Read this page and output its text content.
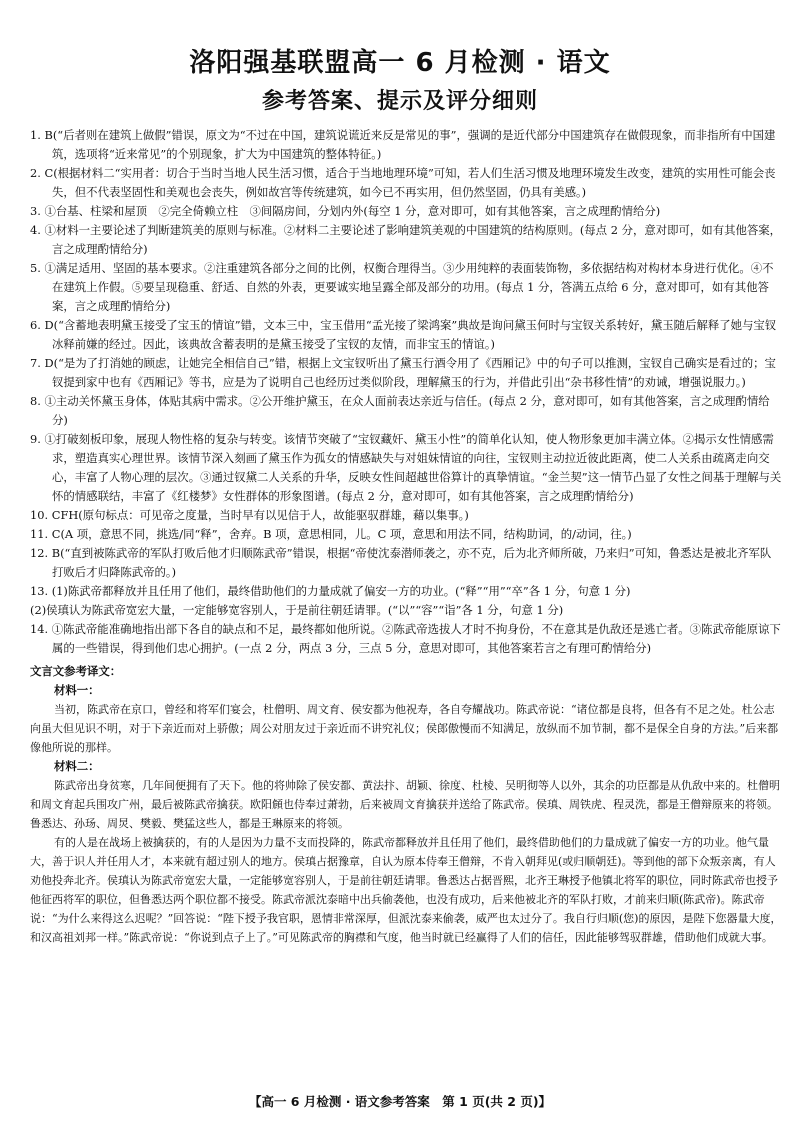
洛阳强基联盟高一 6 月检测 · 语文
参考答案、提示及评分细则

1. B(“后者则在建筑上做假”错误，原文为“不过在中国，建筑说谎近来反是常见的事”，强调的是近代部分中国建筑存在做假现象，而非指所有中国建筑，选项将“近来常见”的个别现象，扩大为中国建筑的整体特征。)

2. C(根据材料二“实用者：切合于当时当地人民生活习惯，适合于当地地理环境”可知，若人们生活习惯及地理环境发生改变，建筑的实用性可能会丧失，但不代表坚固性和美观也会丧失，例如故宫等传统建筑，如今已不再实用，但仍然坚固，仍具有美感。)

3. ①台基、柱梁和屋顶　②完全倚赖立柱　③间隔房间，分划内外(每空 1 分，意对即可，如有其他答案，言之成理酌情给分)

4. ①材料一主要论述了判断建筑美的原则与标准。②材料二主要论述了影响建筑美观的中国建筑的结构原则。(每点 2 分，意对即可，如有其他答案，言之成理酌情给分)

5. ①满足适用、坚固的基本要求。②注重建筑各部分之间的比例，权衡合理得当。③少用纯粹的表面装饰物，多依据结构对构材本身进行优化。④不在建筑上作假。⑤要呈现稳重、舒适、自然的外表，更要诚实地呈露全部及部分的功用。(每点 1 分，答满五点给 6 分，意对即可，如有其他答案，言之成理酌情给分)

6. D(“含蓄地表明黛玉接受了宝玉的情谊”错，文本三中，宝玉借用“孟光接了梁鸿案”典故是询问黛玉何时与宝钗关系转好，黛玉随后解释了她与宝钗冰释前嫌的经过。因此，该典故含蓄表明的是黛玉接受了宝钗的友情，而非宝玉的情谊。)

7. D(“是为了打消她的顾虑，让她完全相信自己”错，根据上文宝钗听出了黛玉行酒令用了《西厢记》中的句子可以推测，宝钗自己确实是看过的；宝钗提到家中也有《西厢记》等书，应是为了说明自己也经历过类似阶段，理解黛玉的行为，并借此引出“杂书移性情”的劝诫，增强说服力。)

8. ①主动关怀黛玉身体，体贴其病中需求。②公开维护黛玉，在众人面前表达亲近与信任。(每点 2 分，意对即可，如有其他答案，言之成理酌情给分)

9. ①打破刻板印象，展现人物性格的复杂与转变。该情节突破了“宝钗藏奸、黛玉小性”的简单化认知，使人物形象更加丰满立体。②揭示女性情感需求，塑造真实心理世界。该情节深入刻画了黛玉作为孤女的情感缺失与对姐妹情谊的向往，宝钗则主动拉近彼此距离，使二人关系由疏离走向交心，丰富了人物心理的层次。③通过钗黛二人关系的升华，反映女性间超越世俗算计的真挚情谊。“金兰契”这一情节凸显了女性之间基于理解与关怀的情感联结，丰富了《红楼梦》女性群体的形象图谱。(每点 2 分，意对即可，如有其他答案，言之成理酌情给分)

10. CFH(原句标点：可见帝之度量，当时早有以见信于人，故能驱驭群雄，藉以集事。)

11. C(A 项，意思不同，挑选/同“释”，舍弃。B 项，意思相同，儿。C 项，意思和用法不同，结构助词，的/动词，往。)

12. B(“直到被陈武帝的军队打败后他才归顺陈武帝”错误，根据“帝使沈泰潜师袭之，亦不克，后为北齐师所破，乃来归”可知，鲁悉达是被北齐军队打败后才归降陈武帝的。)

13. (1)陈武帝都释放并且任用了他们，最终借助他们的力量成就了偏安一方的功业。(“释”“用”“卒”各 1 分，句意 1 分)

(2)侯瑱认为陈武帝宽宏大量，一定能够宽容别人，于是前往朝廷请罪。(“以”“容”“诣”各 1 分，句意 1 分)

14. ①陈武帝能准确地指出部下各自的缺点和不足，最终都如他所说。②陈武帝选拔人才时不拘身份，不在意其是仇敌还是逃亡者。③陈武帝能原谅下属的一些错误，得到他们忠心拥护。(一点 2 分，两点 3 分，三点 5 分，意思对即可，其他答案若言之有理可酌情给分)

文言文参考译文：
材料一：

当初，陈武帝在京口，曾经和将军们宴会，杜僧明、周文育、侯安都为他祝寿，各自夸耀战功。陈武帝说：“诸位都是良将，但各有不足之处。杜公志向虽大但见识不明，对于下亲近而对上骄傲；周公对朋友过于亲近而不讲究礼仪；侯郎傲慢而不知满足，放纵而不加节制，都不是保全自身的方法。”后来都像他所说的那样。

材料二：

陈武帝出身贫寒，几年间便拥有了天下。他的将帅除了侯安都、黄法抃、胡颖、徐度、杜棱、吴明彻等人以外，其余的功臣都是从仇敌中来的。杜僧明和周文育起兵围攻广州，最后被陈武帝擒获。欧阳頠也侍奉过萧勃，后来被周文育擒获并送给了陈武帝。侯瑱、周铁虎、程灵洗，都是王僧辩原来的将领。鲁悉达、孙玚、周炅、樊毅、樊猛这些人，都是王琳原来的将领。

有的人是在战场上被擒获的，有的人是因为力量不支而投降的，陈武帝都释放并且任用了他们，最终借助他们的力量成就了偏安一方的功业。他气量大，善于识人并任用人才，本来就有超过别人的地方。侯瑱占据豫章，自认为原本侍奉王僧辩，不肯入朝拜见(或归顺朝廷)。等到他的部下众叛亲离，有人劝他投奔北齐。侯瑱认为陈武帝宽宏大量，一定能够宽容别人，于是前往朝廷请罪。鲁悉达占据晋熙，北齐王琳授予他镇北将军的职位，同时陈武帝也授予他征西将军的职位，但鲁悉达两个职位都不接受。陈武帝派沈泰暗中出兵偷袭他，也没有成功，后来他被北齐的军队打败，才前来归顺(陈武帝)。陈武帝说：“为什么来得这么迟呢？”回答说：“陛下授予我官职，恩情非常深厚，但派沈泰来偷袭，威严也太过分了。我自行归顺(您)的原因，是陛下您器量大度，和汉高祖刘邦一样。”陈武帝说：“你说到点子上了。”可见陈武帝的胸襟和气度，他当时就已经赢得了人们的信任，因此能够驾驭群雄，借助他们成就大事。

【高一 6 月检测 · 语文参考答案　第 1 页(共 2 页)】
